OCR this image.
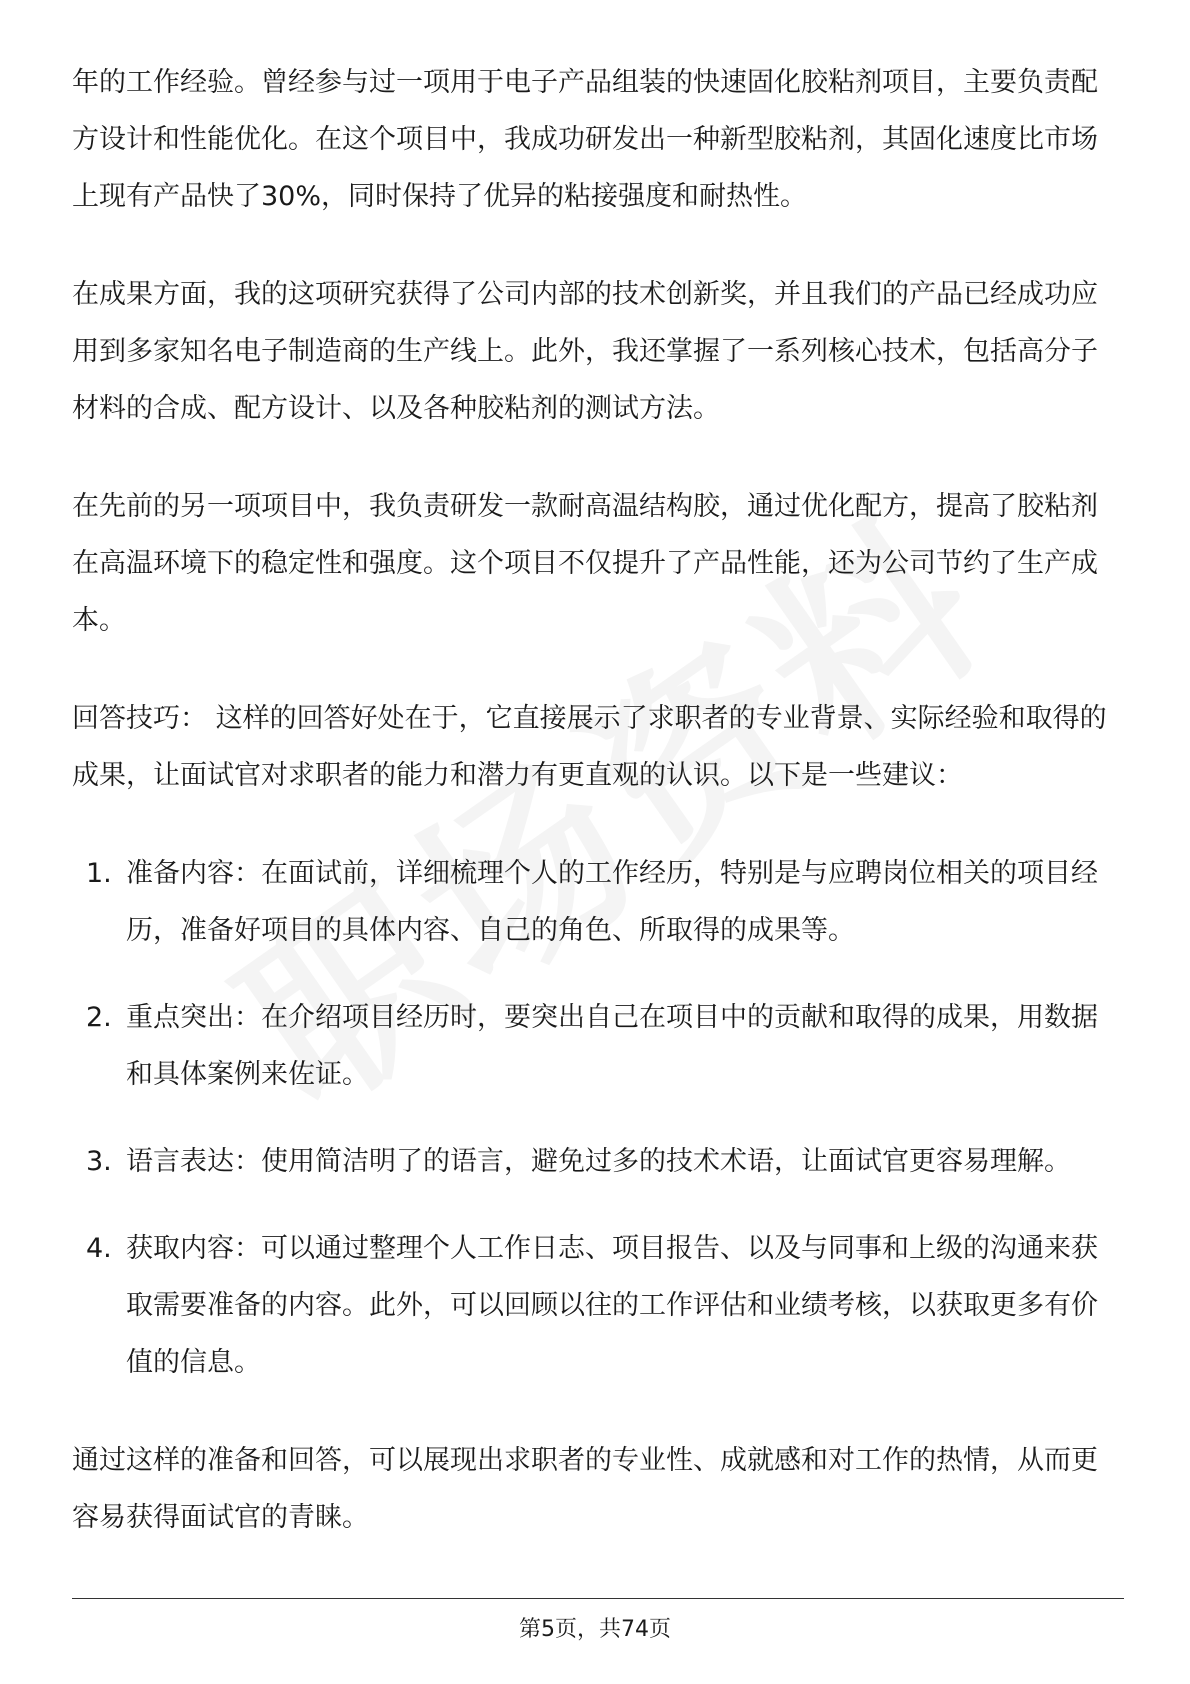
年的工作经验。曾经参与过一项用于电子产品组装的快速固化胶粘剂项目，主要负责配方设计和性能优化。在这个项目中，我成功研发出一种新型胶粘剂，其固化速度比市场上现有产品快了30%，同时保持了优异的粘接强度和耐热性。

在成果方面，我的这项研究获得了公司内部的技术创新奖，并且我们的产品已经成功应用到多家知名电子制造商的生产线上。此外，我还掌握了一系列核心技术，包括高分子材料的合成、配方设计、以及各种胶粘剂的测试方法。

在先前的另一项项目中，我负责研发一款耐高温结构胶，通过优化配方，提高了胶粘剂在高温环境下的稳定性和强度。这个项目不仅提升了产品性能，还为公司节约了生产成本。

回答技巧： 这样的回答好处在于，它直接展示了求职者的专业背景、实际经验和取得的成果，让面试官对求职者的能力和潜力有更直观的认识。以下是一些建议：

1. 准备内容：在面试前，详细梳理个人的工作经历，特别是与应聘岗位相关的项目经历，准备好项目的具体内容、自己的角色、所取得的成果等。
2. 重点突出：在介绍项目经历时，要突出自己在项目中的贡献和取得的成果，用数据和具体案例来佐证。
3. 语言表达：使用简洁明了的语言，避免过多的技术术语，让面试官更容易理解。
4. 获取内容：可以通过整理个人工作日志、项目报告、以及与同事和上级的沟通来获取需要准备的内容。此外，可以回顾以往的工作评估和业绩考核，以获取更多有价值的信息。

通过这样的准备和回答，可以展现出求职者的专业性、成就感和对工作的热情，从而更容易获得面试官的青睐。

第5页，共74页
